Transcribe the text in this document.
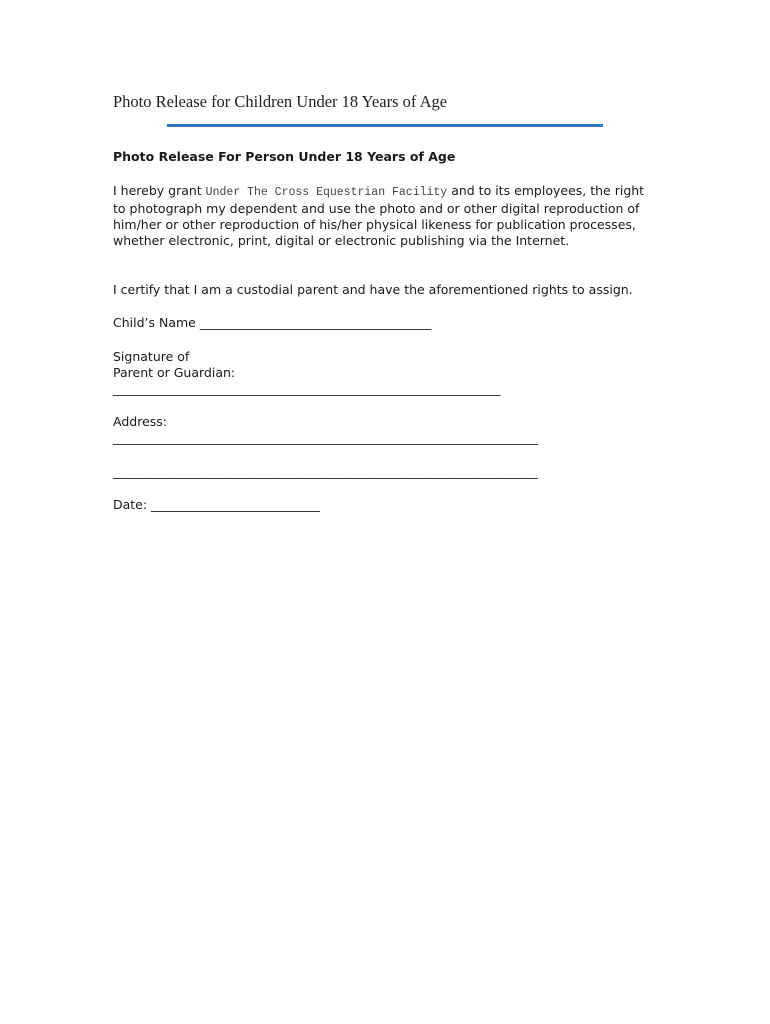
Photo Release for Children Under 18 Years of Age
Photo Release For Person Under 18 Years of Age
I hereby grant Under The Cross Equestrian Facility and to its employees, the right to photograph my dependent and use the photo and or other digital reproduction of him/her or other reproduction of his/her physical likeness for publication processes, whether electronic, print, digital or electronic publishing via the Internet.
I certify that I am a custodial parent and have the aforementioned rights to assign.
Child’s Name _____________________________________
Signature of
Parent or Guardian:
______________________________________________________________
Address:
____________________________________________________________________
____________________________________________________________________
Date: ___________________________
